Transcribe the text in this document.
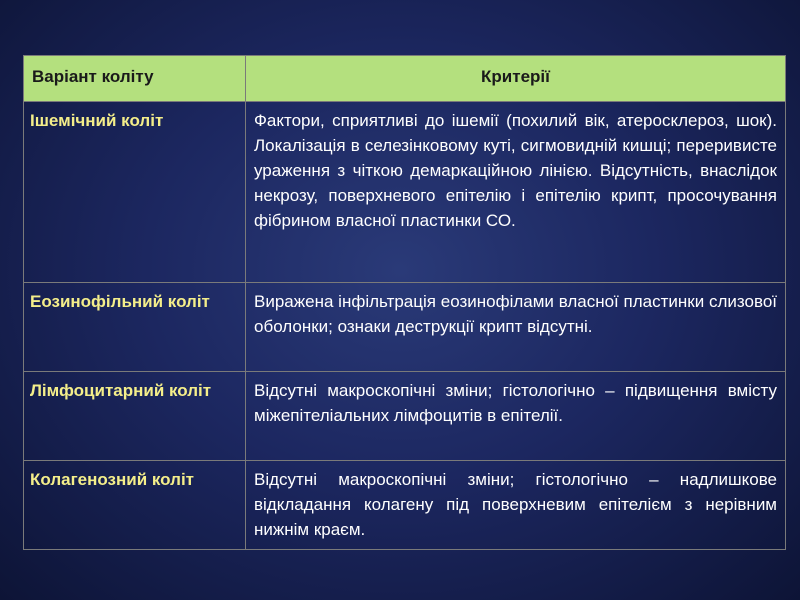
Варіант коліту	Критерії
Ішемічний коліт	Фактори, сприятливі до ішемії (похилий вік, атеросклероз, шок). Локалізація в селезінковому куті, сигмовидній кишці; переривисте ураження з чіткою демаркаційною лінією. Відсутність, внаслідок некрозу, поверхневого епітелію і епітелію крипт, просочування фібрином власної пластинки СО.
Еозинофільний коліт	Виражена інфільтрація еозинофілами власної пластинки слизової оболонки; ознаки деструкції крипт відсутні.
Лімфоцитарний коліт	Відсутні макроскопічні зміни; гістологічно – підвищення вмісту міжепітеліальних лімфоцитів в епітелії.
Колагенозний коліт	Відсутні макроскопічні зміни; гістологічно – надлишкове відкладання колагену під поверхневим епітелієм з нерівним нижнім краєм.
